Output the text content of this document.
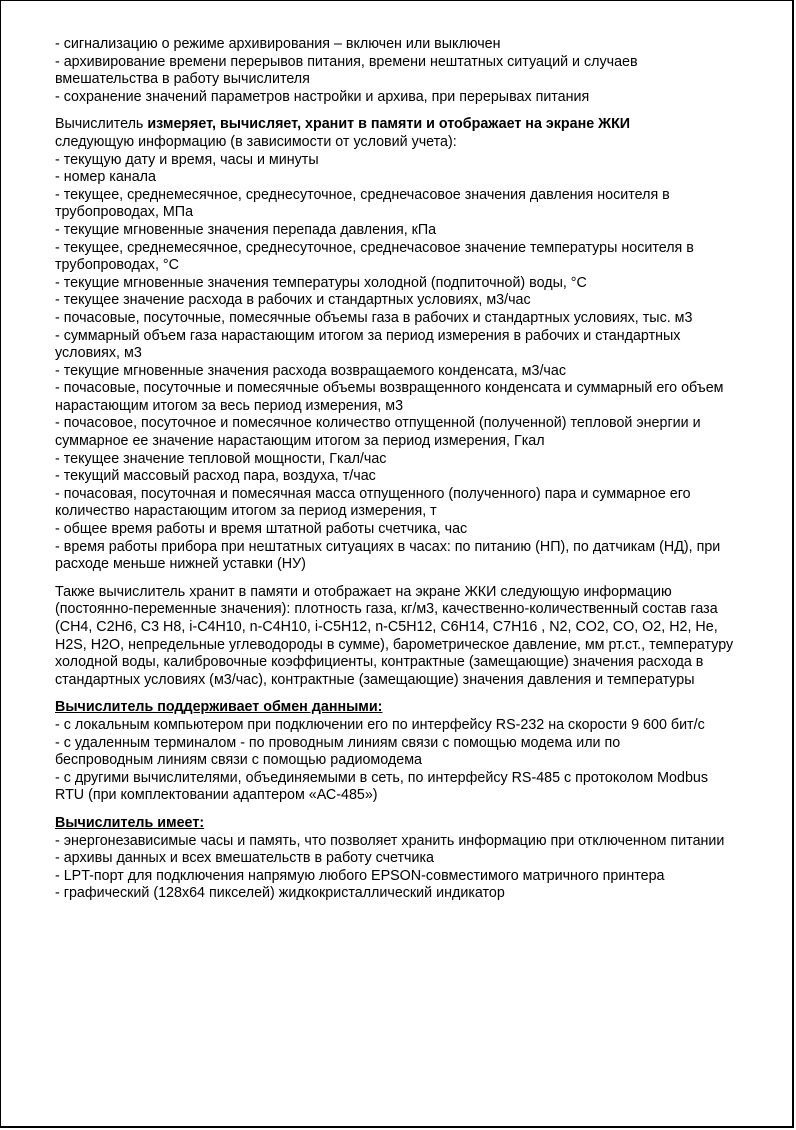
- сигнализацию о режиме архивирования – включен или выключен
- архивирование времени перерывов питания, времени нештатных ситуаций и случаев вмешательства в работу вычислителя
- сохранение значений параметров настройки и архива, при перерывах питания
Вычислитель измеряет, вычисляет, хранит в памяти и отображает на экране ЖКИ
следующую информацию (в зависимости от условий учета):
- текущую дату и время, часы и минуты
- номер канала
- текущее, среднемесячное, среднесуточное, среднечасовое значения давления носителя в трубопроводах, МПа
- текущие мгновенные значения перепада давления, кПа
- текущее, среднемесячное, среднесуточное, среднечасовое значение температуры носителя в трубопроводах, °С
- текущие мгновенные значения температуры холодной (подпиточной) воды, °С
- текущее значение расхода в рабочих и стандартных условиях, м3/час
- почасовые, посуточные, помесячные объемы газа в рабочих и стандартных условиях, тыс. м3
- суммарный объем газа нарастающим итогом за период измерения в рабочих и стандартных условиях, м3
- текущие мгновенные значения расхода возвращаемого конденсата, м3/час
- почасовые, посуточные и помесячные объемы возвращенного конденсата и суммарный его объем нарастающим итогом за весь период измерения, м3
- почасовое, посуточное и помесячное количество отпущенной (полученной) тепловой энергии и суммарное ее значение нарастающим итогом за период измерения, Гкал
- текущее значение тепловой мощности, Гкал/час
- текущий массовый расход пара, воздуха, т/час
- почасовая, посуточная и помесячная масса отпущенного (полученного) пара и суммарное его количество нарастающим итогом за период измерения, т
- общее время работы и время штатной работы счетчика, час
- время работы прибора при нештатных ситуациях в часах: по питанию (НП), по датчикам (НД), при расходе меньше нижней уставки (НУ)
Также вычислитель хранит в памяти и отображает на экране ЖКИ следующую информацию (постоянно-переменные значения): плотность газа, кг/м3, качественно-количественный состав газа (CH4, C2H6, C3 H8, i-C4H10, n-C4H10, i-C5H12, n-C5H12, C6H14, C7H16 , N2, CO2, CO, O2, H2, He, H2S, H2O, непредельные углеводороды в сумме), барометрическое давление, мм рт.ст., температуру холодной воды, калибровочные коэффициенты, контрактные (замещающие) значения расхода в стандартных условиях (м3/час), контрактные (замещающие) значения давления и температуры
Вычислитель поддерживает обмен данными:
- с локальным компьютером при подключении его по интерфейсу RS-232 на скорости 9 600 бит/с
- с удаленным терминалом - по проводным линиям связи с помощью модема или по беспроводным линиям связи с помощью радиомодема
- с другими вычислителями, объединяемыми в сеть, по интерфейсу RS-485 с протоколом Modbus RTU (при комплектовании адаптером «АС-485»)
Вычислитель имеет:
- энергонезависимые часы и память, что позволяет хранить информацию при отключенном питании
- архивы данных и всех вмешательств в работу счетчика
- LPT-порт для подключения напрямую любого EPSON-совместимого матричного принтера
- графический (128х64 пикселей) жидкокристаллический индикатор
